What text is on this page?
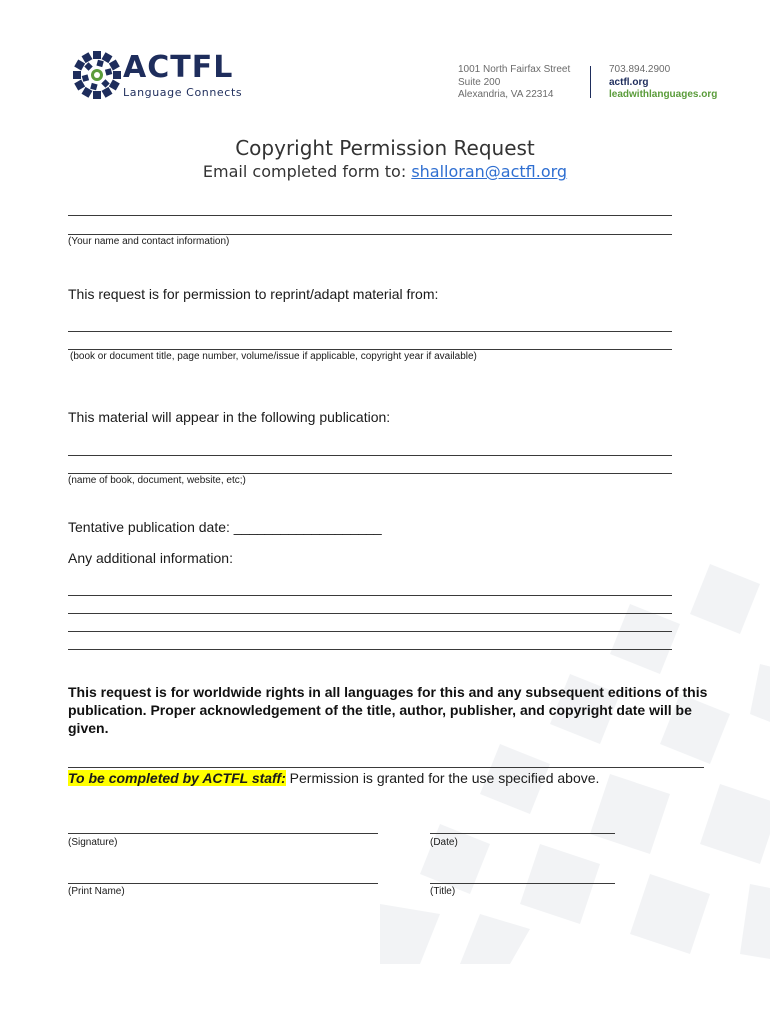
ACTFL
Language Connects
1001 North Fairfax Street
Suite 200
Alexandria, VA 22314
703.894.2900
actfl.org
leadwithlanguages.org
Copyright Permission Request
Email completed form to: shalloran@actfl.org
(Your name and contact information)
This request is for permission to reprint/adapt material from:
(book or document title, page number, volume/issue if applicable, copyright year if available)
This material will appear in the following publication:
(name of book, document, website, etc;)
Tentative publication date: ___________________
Any additional information:
This request is for worldwide rights in all languages for this and any subsequent editions of this publication. Proper acknowledgement of the title, author, publisher, and copyright date will be given.
To be completed by ACTFL staff: Permission is granted for the use specified above.
(Signature)	(Date)
(Print Name)	(Title)
